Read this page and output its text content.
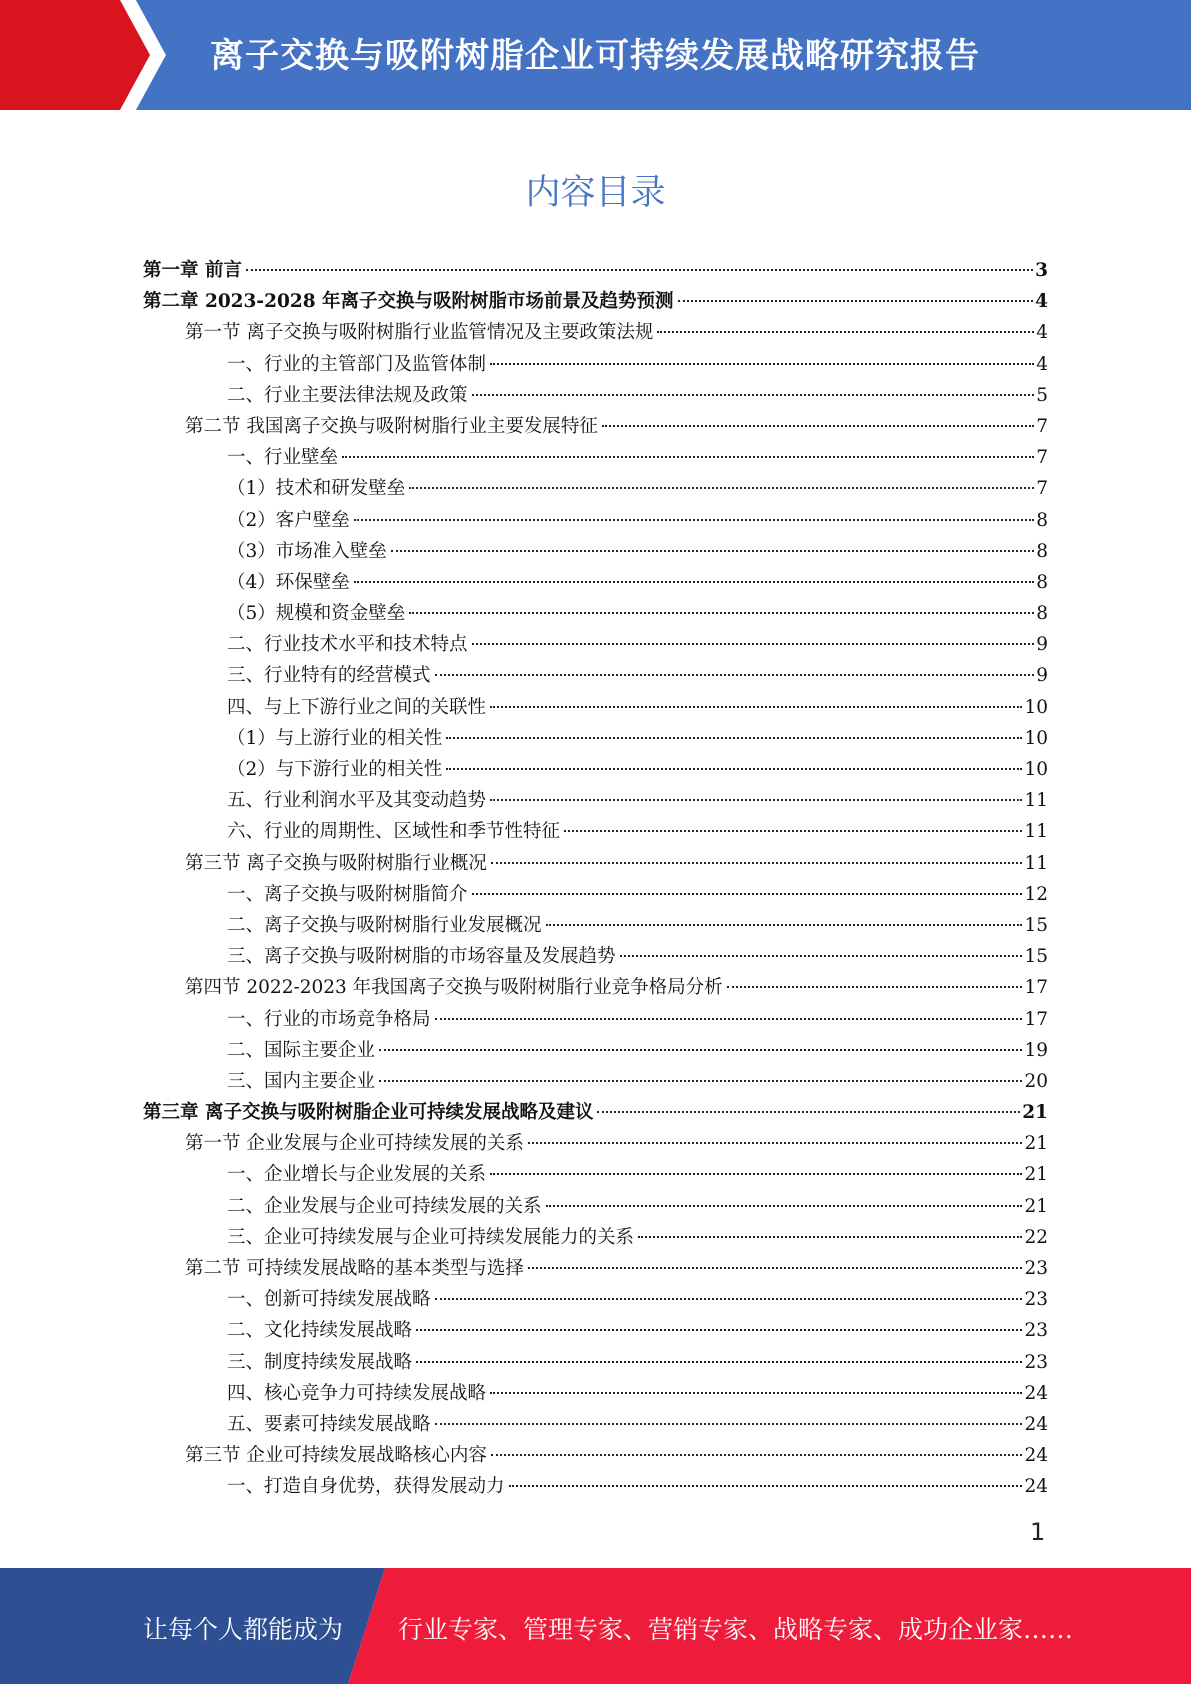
离子交换与吸附树脂企业可持续发展战略研究报告
内容目录
第一章 前言	3
第二章 2023-2028 年离子交换与吸附树脂市场前景及趋势预测	4
第一节 离子交换与吸附树脂行业监管情况及主要政策法规	4
一、行业的主管部门及监管体制	4
二、行业主要法律法规及政策	5
第二节 我国离子交换与吸附树脂行业主要发展特征	7
一、行业壁垒	7
（1）技术和研发壁垒	7
（2）客户壁垒	8
（3）市场准入壁垒	8
（4）环保壁垒	8
（5）规模和资金壁垒	8
二、行业技术水平和技术特点	9
三、行业特有的经营模式	9
四、与上下游行业之间的关联性	10
（1）与上游行业的相关性	10
（2）与下游行业的相关性	10
五、行业利润水平及其变动趋势	11
六、行业的周期性、区域性和季节性特征	11
第三节 离子交换与吸附树脂行业概况	11
一、离子交换与吸附树脂简介	12
二、离子交换与吸附树脂行业发展概况	15
三、离子交换与吸附树脂的市场容量及发展趋势	15
第四节 2022-2023 年我国离子交换与吸附树脂行业竞争格局分析	17
一、行业的市场竞争格局	17
二、国际主要企业	19
三、国内主要企业	20
第三章 离子交换与吸附树脂企业可持续发展战略及建议	21
第一节 企业发展与企业可持续发展的关系	21
一、企业增长与企业发展的关系	21
二、企业发展与企业可持续发展的关系	21
三、企业可持续发展与企业可持续发展能力的关系	22
第二节 可持续发展战略的基本类型与选择	23
一、创新可持续发展战略	23
二、文化持续发展战略	23
三、制度持续发展战略	23
四、核心竞争力可持续发展战略	24
五、要素可持续发展战略	24
第三节 企业可持续发展战略核心内容	24
一、打造自身优势，获得发展动力	24
1
让每个人都能成为 行业专家、管理专家、营销专家、战略专家、成功企业家……
